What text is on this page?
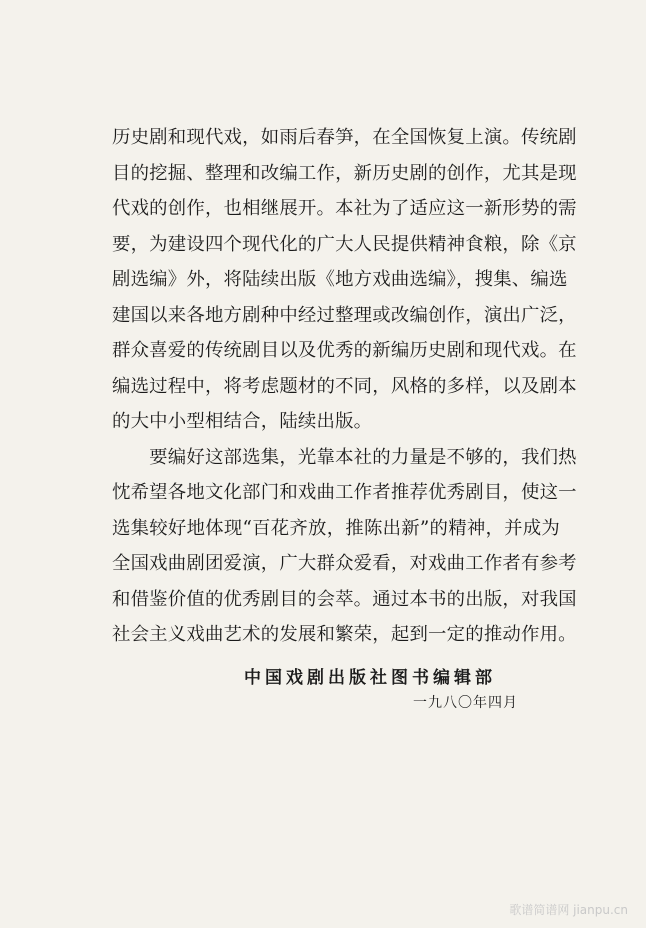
历史剧和现代戏，如雨后春笋，在全国恢复上演。传统剧
目的挖掘、整理和改编工作，新历史剧的创作，尤其是现
代戏的创作，也相继展开。本社为了适应这一新形势的需
要，为建设四个现代化的广大人民提供精神食粮，除《京
剧选编》外，将陆续出版《地方戏曲选编》，搜集、编选
建国以来各地方剧种中经过整理或改编创作，演出广泛，
群众喜爱的传统剧目以及优秀的新编历史剧和现代戏。在
编选过程中，将考虑题材的不同，风格的多样，以及剧本
的大中小型相结合，陆续出版。
　　要编好这部选集，光靠本社的力量是不够的，我们热
忱希望各地文化部门和戏曲工作者推荐优秀剧目，使这一
选集较好地体现“百花齐放，推陈出新”的精神，并成为
全国戏曲剧团爱演，广大群众爱看，对戏曲工作者有参考
和借鉴价值的优秀剧目的会萃。通过本书的出版，对我国
社会主义戏曲艺术的发展和繁荣，起到一定的推动作用。
中国戏剧出版社图书编辑部
一九八〇年四月
歌谱简谱网 jianpu.cn
